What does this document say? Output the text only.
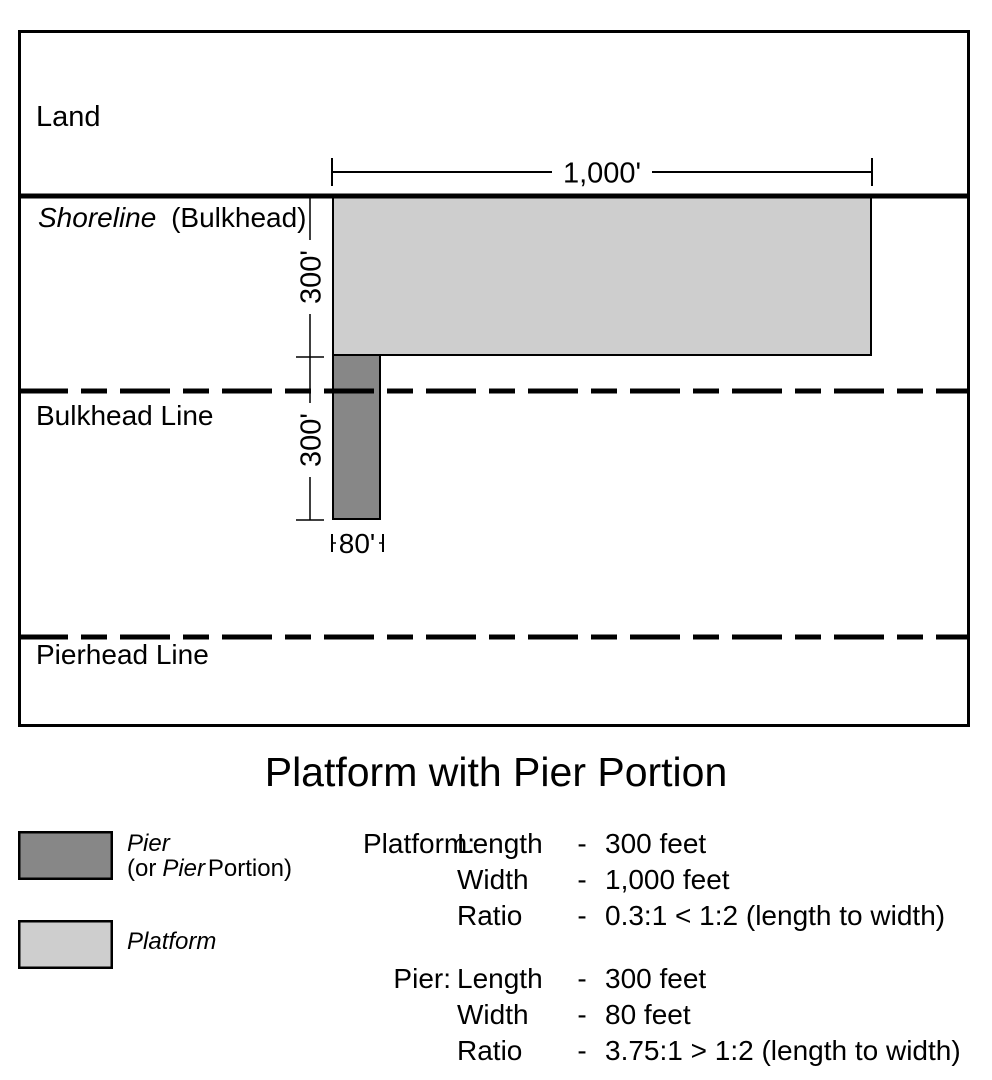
Land
1,000'
300'
300'
80'
Shoreline (Bulkhead)
Bulkhead Line
Pierhead Line
Platform with Pier Portion
Pier
(or Pier Portion)
Platform
Platform:
Length	- 300 feet
Width	- 1,000 feet
Ratio	- 0.3:1 < 1:2 (length to width)
Pier: Length	- 300 feet
Width	- 80 feet
Ratio	- 3.75:1 > 1:2 (length to width)
